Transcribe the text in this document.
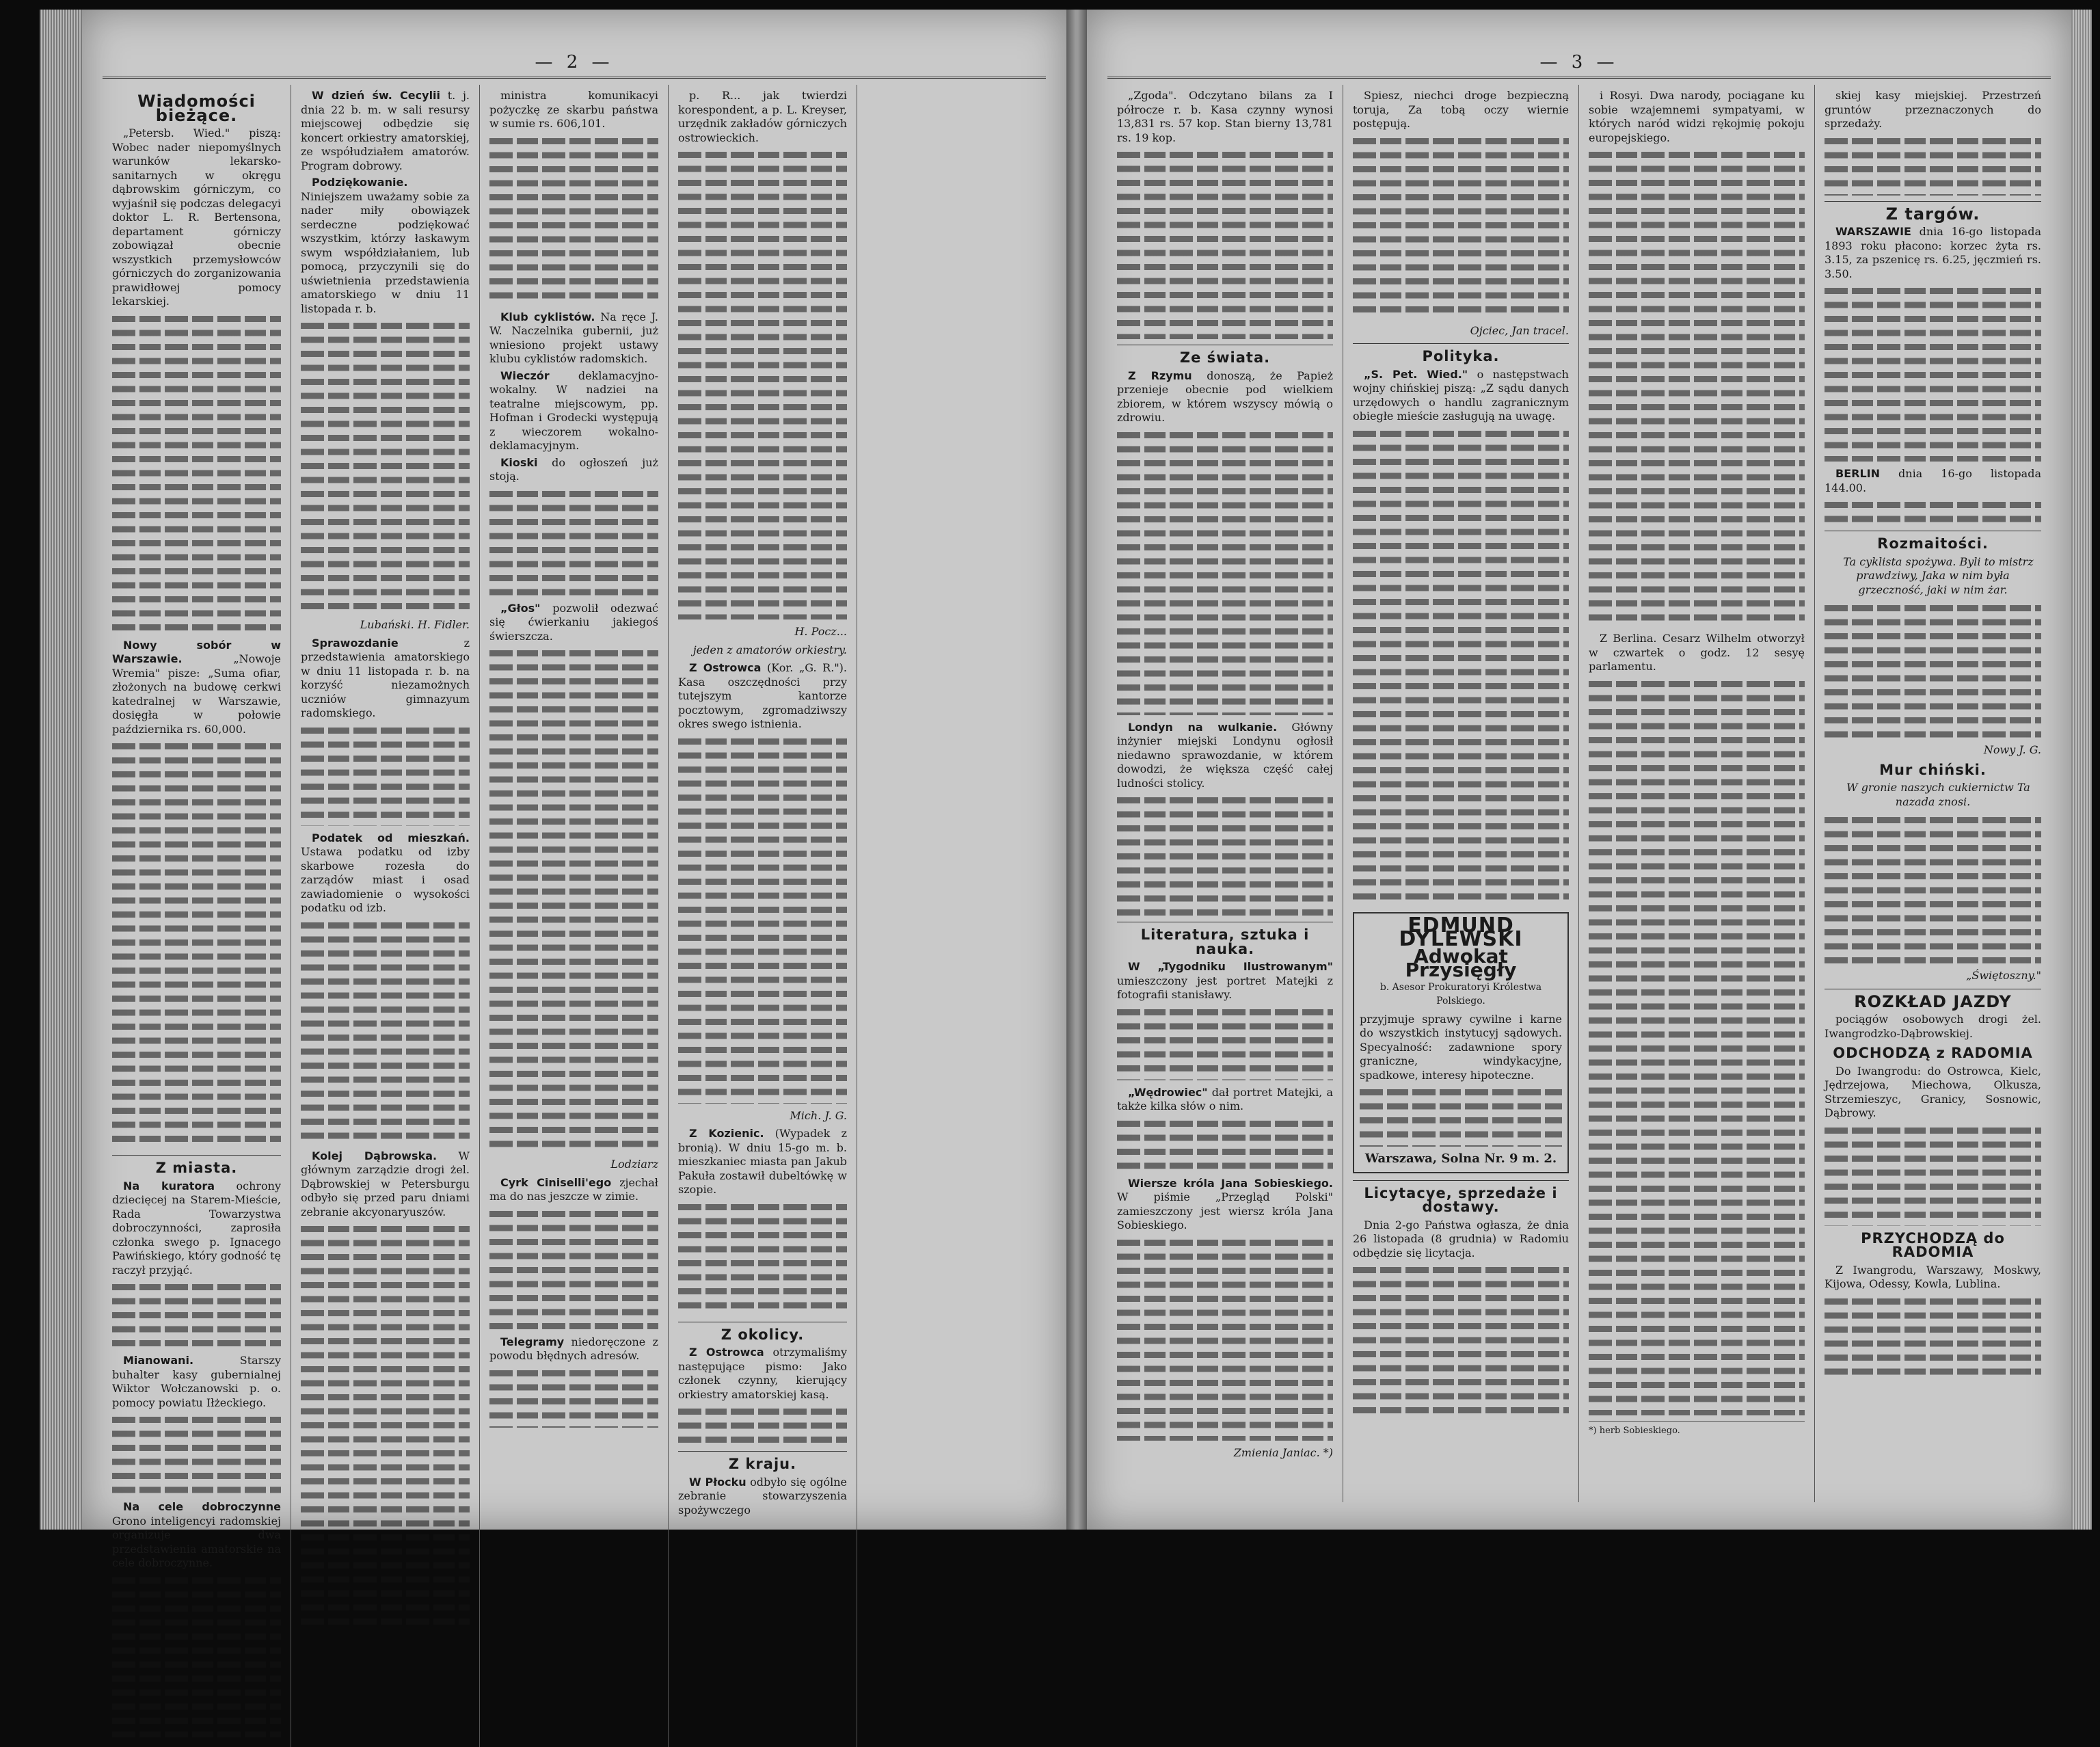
— 2 —
Wiadomości bieżące.

„Petersb. Wied." piszą: Wobec nader niepomyślnych warunków lekarsko-sanitarnych w okręgu dąbrowskim górniczym, co wyjaśnił się podczas delegacyi doktor L. R. Bertensona, departament górniczy zobowiązał obecnie wszystkich przemysłowców górniczych do zorganizowania prawidłowej pomocy lekarskiej.

Nowy sobór w Warszawie.	„Nowoje Wremia" pisze: „Suma ofiar, złożonych na budowę cerkwi katedralnej w Warszawie, dosięgła w połowie października rs. 60,000.

Z miasta.

Na kuratora ochrony dziecięcej na Starem-Mieście, Rada Towarzystwa dobroczynności, zaprosiła członka swego p. Ignacego Pawińskiego, który godność tę raczył przyjąć.

Mianowani.	Starszy buhalter kasy gubernialnej Wiktor Wołczanowski p. o. pomocy powiatu Iłżeckiego.

Na cele dobroczynne Grono inteligencyi radomskiej organizuje dwa przedstawienia amatorskie na cele dobroczynne.

W dzień św. Cecylii t. j. dnia 22 b. m. w sali resursy miejscowej odbędzie się koncert orkiestry amatorskiej, ze współudziałem amatorów. Program dobrowy.

Podziękowanie. Niniejszem uważamy sobie za nader miły obowiązek serdeczne podziękować wszystkim, którzy łaskawym swym współdziałaniem, lub pomocą, przyczynili się do uświetnienia przedstawienia amatorskiego w dniu 11 listopada r. b.

Lubański. H. Fidler.

Sprawozdanie	z przedstawienia amatorskiego w dniu 11 listopada r. b. na korzyść niezamożnych uczniów gimnazyum radomskiego.

Podatek od mieszkań. Ustawa podatku od izby skarbowe rozesła do zarządów miast i osad zawiadomienie o wysokości podatku od izb.

Kolej Dąbrowska. W głównym zarządzie drogi żel. Dąbrowskiej w Petersburgu odbyło się przed paru dniami zebranie akcyonaryuszów.

ministra komunikacyi pożyczkę ze skarbu państwa w sumie rs. 606,101.

Klub cyklistów. Na ręce J. W. Naczelnika gubernii, już wniesiono projekt ustawy klubu cyklistów radomskich.

Wieczór	deklamacyjno-wokalny. W nadziei na teatralne miejscowym, pp. Hofman i Grodecki występują z wieczorem wokalno-deklamacyjnym.

Kioski do ogłoszeń już stoją.

„Głos" pozwolił odezwać się ćwierkaniu jakiegoś świerszcza.

Lodziarz

Cyrk Ciniselli'ego zjechał ma do nas jeszcze w zimie.

Telegramy niedoręczone z powodu błędnych adresów.

p. R... jak twierdzi korespondent, a p. L. Kreyser, urzędnik zakładów górniczych ostrowieckich.

H. Pocz...
jeden z amatorów orkiestry.

Z Ostrowca (Kor. „G. R."). Kasa oszczędności przy tutejszym kantorze pocztowym, zgromadziwszy okres swego istnienia.

Mich. J. G.

Z Kozienic. (Wypadek z bronią). W dniu 15-go m. b. mieszkaniec miasta pan Jakub Pakuła zostawił dubeltówkę w szopie.

Z okolicy.

Z Ostrowca otrzymaliśmy następujące pismo: Jako członek czynny, kierujący orkiestry amatorskiej kasą.

Z kraju.

W Płocku odbyło się ogólne zebranie stowarzyszenia spożywczego

— 3 —

„Zgoda". Odczytano bilans za I półrocze r. b. Kasa czynny wynosi 13,831 rs. 57 kop. Stan bierny 13,781 rs. 19 kop.

Ze świata.

Z Rzymu donoszą, że Papież przenieje obecnie pod wielkiem zbiorem, w którem wszyscy mówią o zdrowiu.

Londyn na wulkanie. Główny inżynier miejski Londynu ogłosił niedawno sprawozdanie, w którem dowodzi, że większa część całej ludności stolicy.

Literatura, sztuka i nauka.

W „Tygodniku Ilustrowanym" umieszczony jest portret Matejki z fotografii stanisławy.

„Wędrowiec" dał portret Matejki, a także kilka słów o nim.

Wiersze króla Jana Sobieskiego. W piśmie „Przegląd Polski" zamieszczony jest wiersz króla Jana Sobieskiego.

Zmienia Janiac. *)

Spiesz, niechci droge bezpieczną toruja, Za tobą oczy wiernie postępują.

Ojciec, Jan tracel.
Polityka.

„S. Pet. Wied." o następstwach wojny chińskiej piszą: „Z sądu danych urzędowych o handlu zagranicznym obiegłe mieście zasługują na uwagę.

EDMUND DYLEWSKI
Adwokat Przysięgły
b. Asesor Prokuratoryi Królestwa Polskiego.
przyjmuje sprawy cywilne i karne do wszystkich instytucyj sądowych. Specyalność: zadawnione spory graniczne, windykacyjne, spadkowe, interesy hipoteczne.
Warszawa, Solna Nr. 9 m. 2.
Licytacye, sprzedaże i dostawy.

Dnia 2-go Państwa ogłasza, że dnia 26 listopada (8 grudnia) w Radomiu odbędzie się licytacja.

i Rosyi. Dwa narody, pociągane ku sobie wzajemnemi sympatyami, w których naród widzi rękojmię pokoju europejskiego.

Z Berlina. Cesarz Wilhelm otworzył w czwartek o godz. 12 sesyę parlamentu.

*) herb Sobieskiego.

skiej kasy miejskiej. Przestrzeń gruntów przeznaczonych do sprzedaży.

Z targów.

WARSZAWIE dnia 16-go listopada 1893 roku płacono: korzec żyta rs. 3.15, za pszenicę rs. 6.25, jęczmień rs. 3.50.

BERLIN dnia 16-go listopada 144.00.

Rozmaitości.

Ta cyklista spożywa. Byli to mistrz prawdziwy, Jaka w nim była grzeczność, jaki w nim żar.

Nowy J. G.
Mur chiński.

W gronie naszych cukiernictw Ta nazada znosi.

„Świętoszny."
ROZKŁAD JAZDY

pociągów osobowych drogi żel. Iwangrodzko-Dąbrowskiej.

ODCHODZĄ z RADOMIA

Do Iwangrodu: do Ostrowca, Kielc, Jędrzejowa, Miechowa, Olkusza, Strzemieszyc, Granicy, Sosnowic, Dąbrowy.

PRZYCHODZĄ do RADOMIA

Z Iwangrodu, Warszawy, Moskwy, Kijowa, Odessy, Kowla, Lublina.
